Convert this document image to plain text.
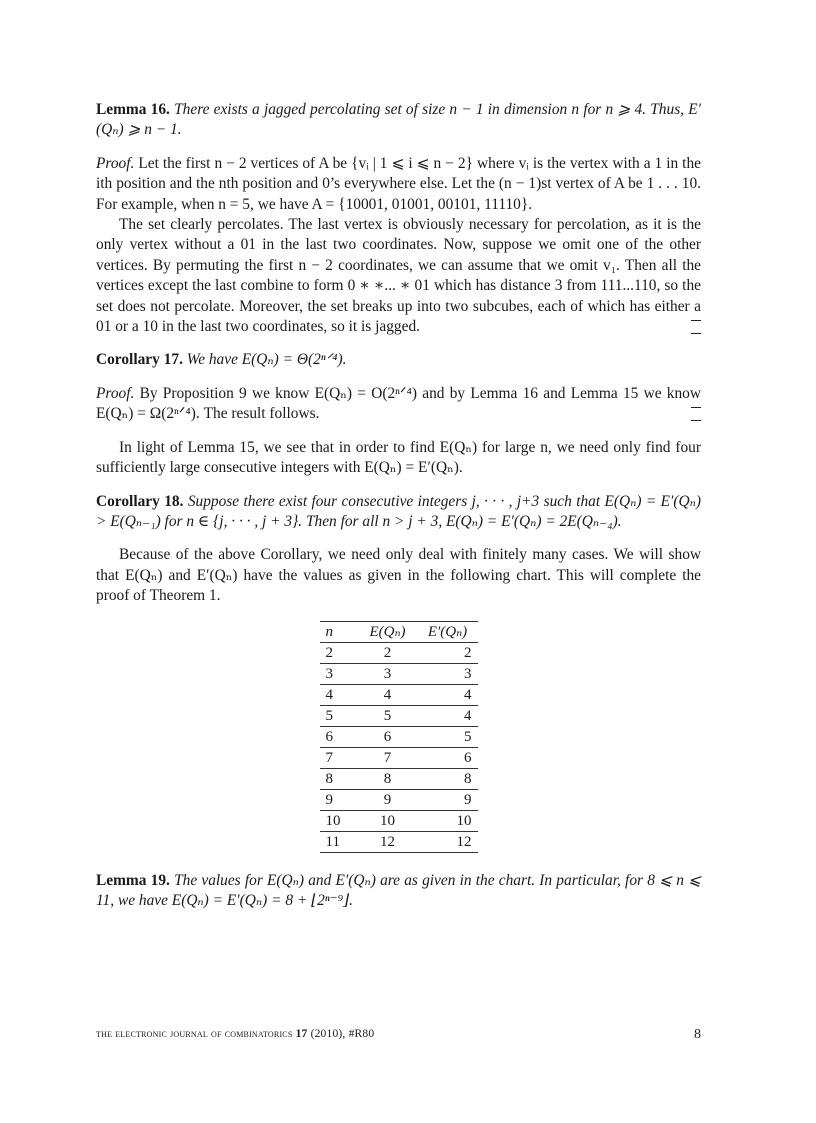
Lemma 16. There exists a jagged percolating set of size n − 1 in dimension n for n ⩾ 4. Thus, E′(Qₙ) ⩾ n − 1.

Proof. Let the first n − 2 vertices of A be {vᵢ | 1 ⩽ i ⩽ n − 2} where vᵢ is the vertex with a 1 in the ith position and the nth position and 0’s everywhere else. Let the (n − 1)st vertex of A be 1 . . . 10. For example, when n = 5, we have A = {10001, 01001, 00101, 11110}.

The set clearly percolates. The last vertex is obviously necessary for percolation, as it is the only vertex without a 01 in the last two coordinates. Now, suppose we omit one of the other vertices. By permuting the first n − 2 coordinates, we can assume that we omit v₁. Then all the vertices except the last combine to form 0 ∗ ∗... ∗ 01 which has distance 3 from 111...110, so the set does not percolate. Moreover, the set breaks up into two subcubes, each of which has either a 01 or a 10 in the last two coordinates, so it is jagged.

Corollary 17. We have E(Qₙ) = Θ(2ⁿᐟ⁴).

Proof. By Proposition 9 we know E(Qₙ) = O(2ⁿᐟ⁴) and by Lemma 16 and Lemma 15 we know E(Qₙ) = Ω(2ⁿᐟ⁴). The result follows.

In light of Lemma 15, we see that in order to find E(Qₙ) for large n, we need only find four sufficiently large consecutive integers with E(Qₙ) = E′(Qₙ).

Corollary 18. Suppose there exist four consecutive integers j, · · · , j+3 such that E(Qₙ) = E′(Qₙ) > E(Qₙ₋₁) for n ∈ {j, · · · , j + 3}. Then for all n > j + 3, E(Qₙ) = E′(Qₙ) = 2E(Qₙ₋₄).

Because of the above Corollary, we need only deal with finitely many cases. We will show that E(Qₙ) and E′(Qₙ) have the values as given in the following chart. This will complete the proof of Theorem 1.

n	E(Qₙ)	E′(Qₙ)
2	2	2
3	3	3
4	4	4
5	5	4
6	6	5
7	7	6
8	8	8
9	9	9
10	10	10
11	12	12

Lemma 19. The values for E(Qₙ) and E′(Qₙ) are as given in the chart. In particular, for 8 ⩽ n ⩽ 11, we have E(Qₙ) = E′(Qₙ) = 8 + ⌊2ⁿ⁻⁹⌋.

the electronic journal of combinatorics 17 (2010), #R80	8
